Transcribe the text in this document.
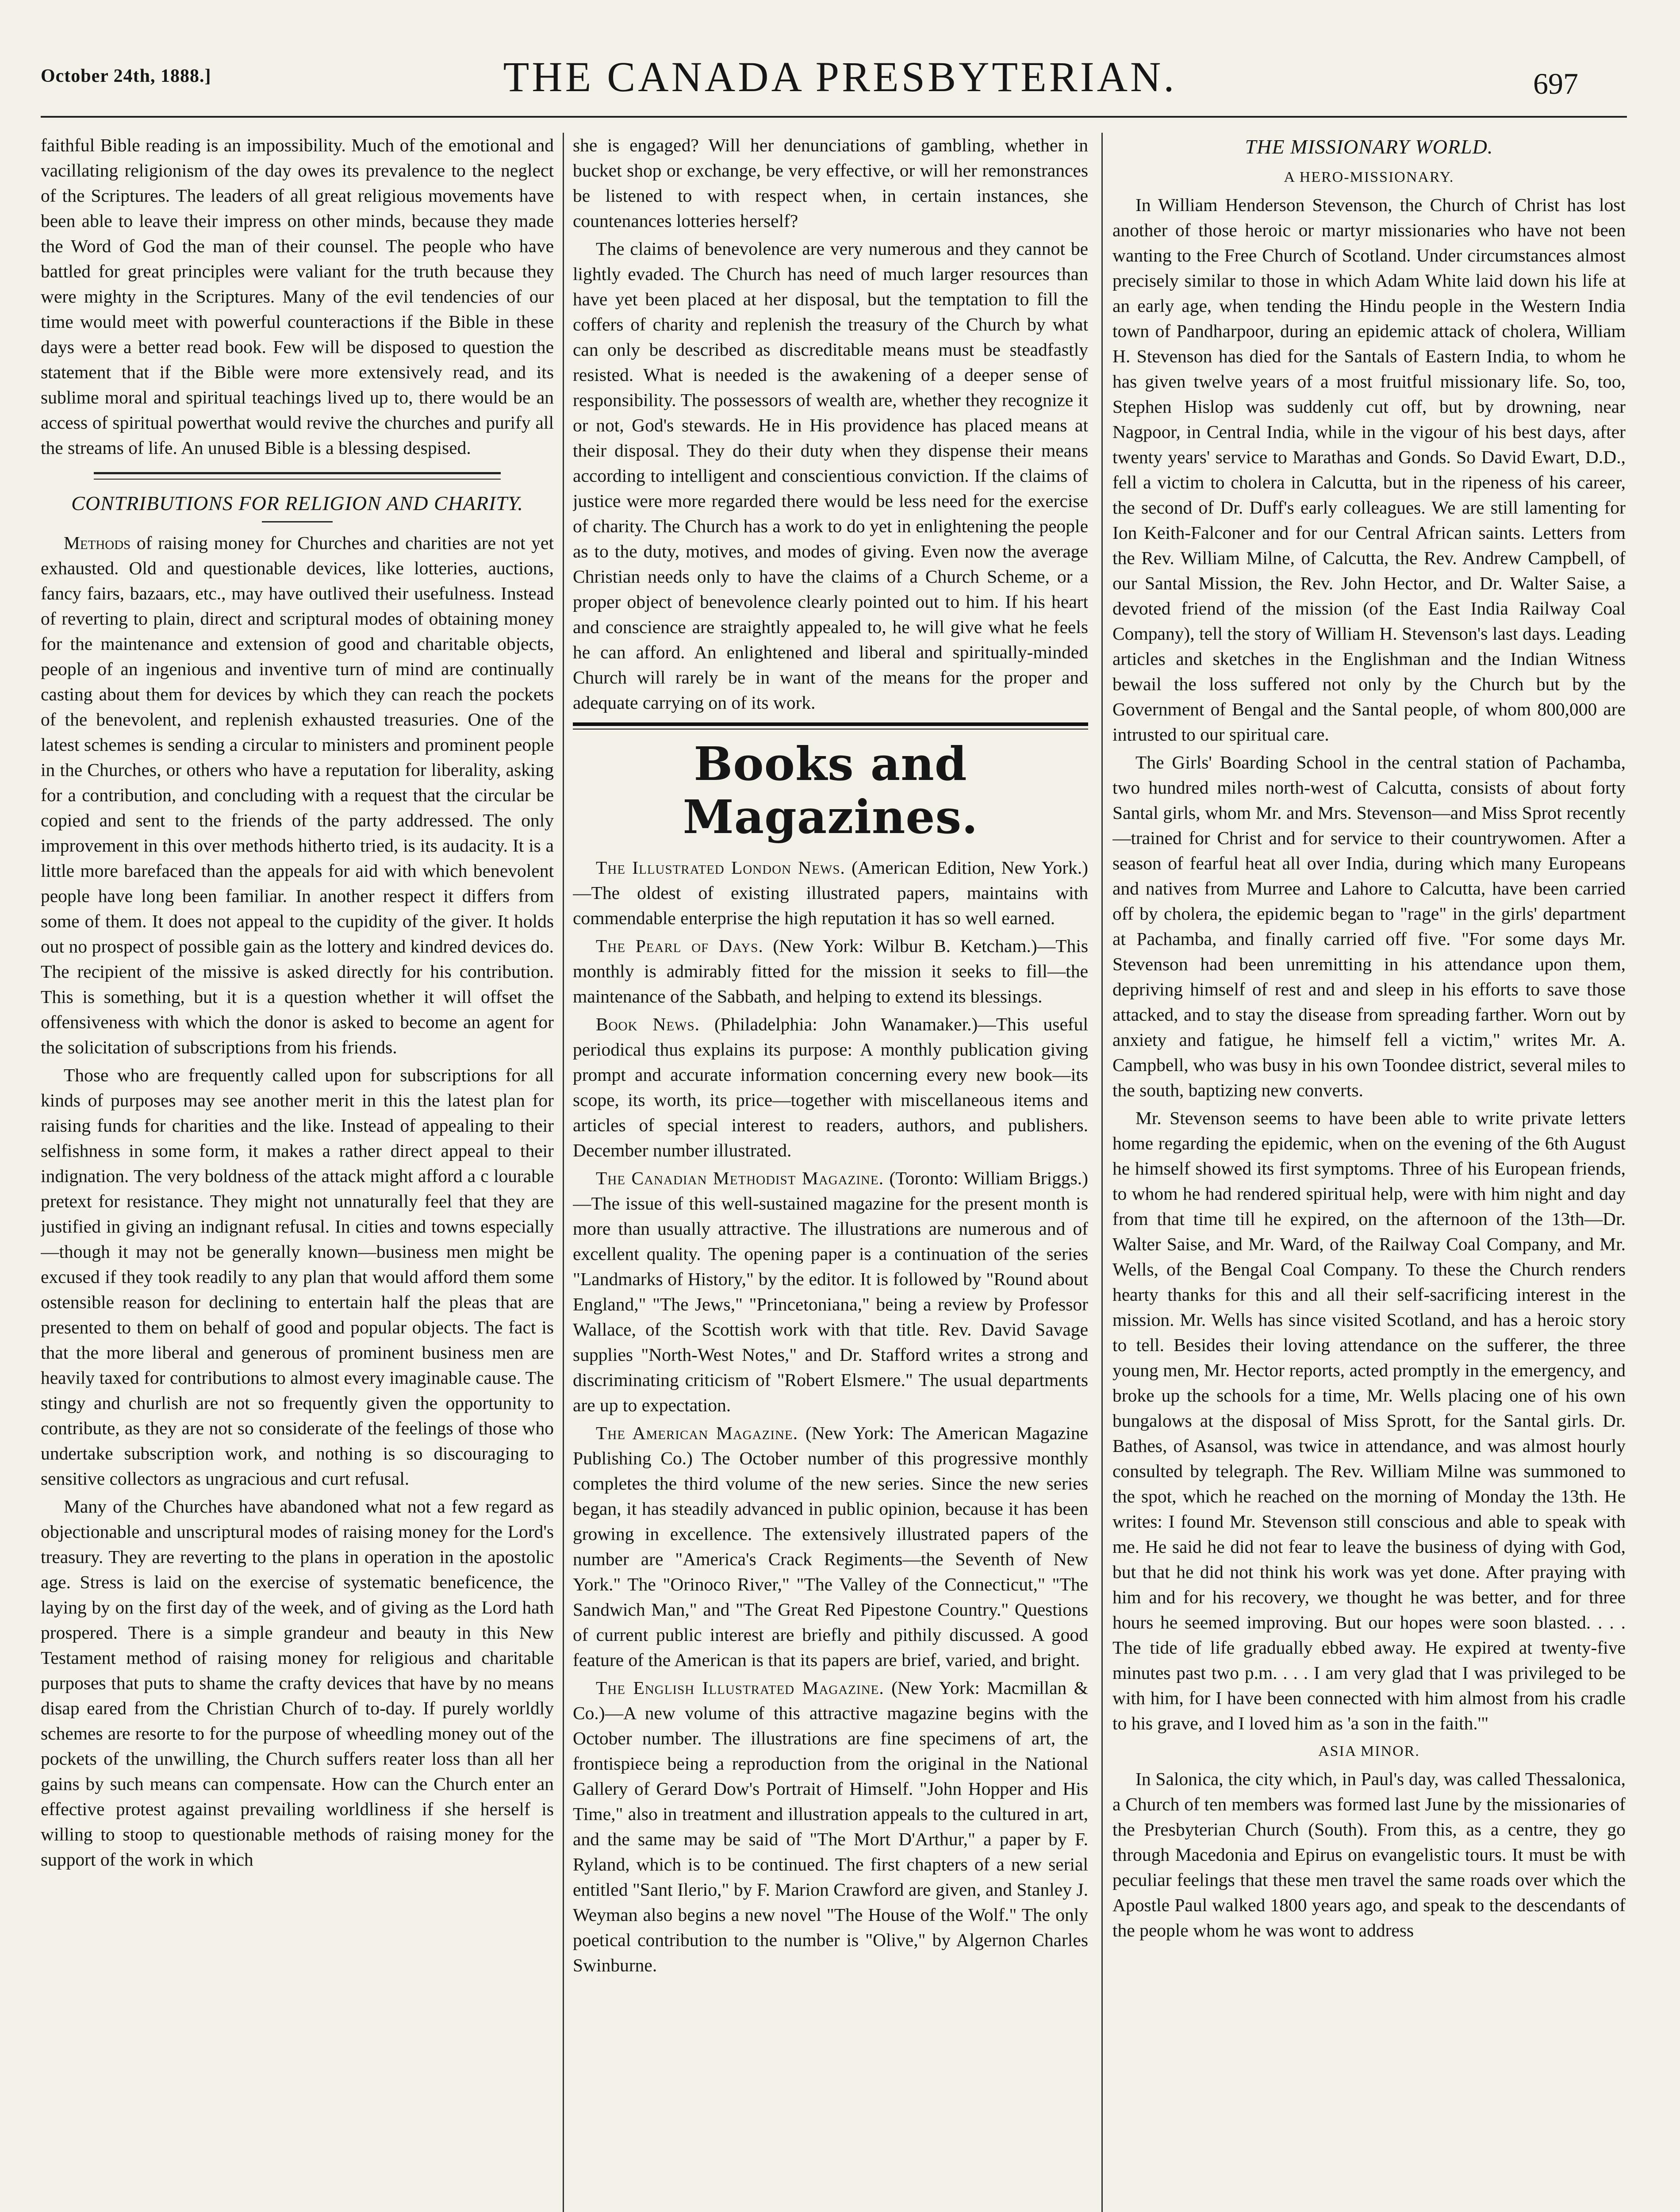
October 24th, 1888.]	THE CANADA PRESBYTERIAN.	697

faithful Bible reading is an impossibility. Much of the emotional and vacillating religionism of the day owes its prevalence to the neglect of the Scriptures. The leaders of all great religious movements have been able to leave their impress on other minds, because they made the Word of God the man of their counsel. The people who have battled for great principles were valiant for the truth because they were mighty in the Scriptures. Many of the evil tendencies of our time would meet with powerful counteractions if the Bible in these days were a better read book. Few will be disposed to question the statement that if the Bible were more extensively read, and its sublime moral and spiritual teachings lived up to, there would be an access of spiritual powerthat would revive the churches and purify all the streams of life. An unused Bible is a blessing despised.

CONTRIBUTIONS FOR RELIGION AND CHARITY.

Methods of raising money for Churches and charities are not yet exhausted. Old and questionable devices, like lotteries, auctions, fancy fairs, bazaars, etc., may have outlived their usefulness. Instead of reverting to plain, direct and scriptural modes of obtaining money for the maintenance and extension of good and charitable objects, people of an ingenious and inventive turn of mind are continually casting about them for devices by which they can reach the pockets of the benevolent, and replenish exhausted treasuries. One of the latest schemes is sending a circular to ministers and prominent people in the Churches, or others who have a reputation for liberality, asking for a contribution, and concluding with a request that the circular be copied and sent to the friends of the party addressed. The only improvement in this over methods hitherto tried, is its audacity. It is a little more barefaced than the appeals for aid with which benevolent people have long been familiar. In another respect it differs from some of them. It does not appeal to the cupidity of the giver. It holds out no prospect of possible gain as the lottery and kindred devices do. The recipient of the missive is asked directly for his contribution. This is something, but it is a question whether it will offset the offensiveness with which the donor is asked to become an agent for the solicitation of subscriptions from his friends.

Those who are frequently called upon for subscriptions for all kinds of purposes may see another merit in this the latest plan for raising funds for charities and the like. Instead of appealing to their selfishness in some form, it makes a rather direct appeal to their indignation. The very boldness of the attack might afford a c lourable pretext for resistance. They might not unnaturally feel that they are justified in giving an indignant refusal. In cities and towns especially—though it may not be generally known—business men might be excused if they took readily to any plan that would afford them some ostensible reason for declining to entertain half the pleas that are presented to them on behalf of good and popular objects. The fact is that the more liberal and generous of prominent business men are heavily taxed for contributions to almost every imaginable cause. The stingy and churlish are not so frequently given the opportunity to contribute, as they are not so considerate of the feelings of those who undertake subscription work, and nothing is so discouraging to sensitive collectors as ungracious and curt refusal.

Many of the Churches have abandoned what not a few regard as objectionable and unscriptural modes of raising money for the Lord's treasury. They are reverting to the plans in operation in the apostolic age. Stress is laid on the exercise of systematic beneficence, the laying by on the first day of the week, and of giving as the Lord hath prospered. There is a simple grandeur and beauty in this New Testament method of raising money for religious and charitable purposes that puts to shame the crafty devices that have by no means disap eared from the Christian Church of to-day. If purely worldly schemes are resorte to for the purpose of wheedling money out of the pockets of the unwilling, the Church suffers reater loss than all her gains by such means can compensate. How can the Church enter an effective protest against prevailing worldliness if she herself is willing to stoop to questionable methods of raising money for the support of the work in which

she is engaged? Will her denunciations of gambling, whether in bucket shop or exchange, be very effective, or will her remonstrances be listened to with respect when, in certain instances, she countenances lotteries herself?

The claims of benevolence are very numerous and they cannot be lightly evaded. The Church has need of much larger resources than have yet been placed at her disposal, but the temptation to fill the coffers of charity and replenish the treasury of the Church by what can only be described as discreditable means must be steadfastly resisted. What is needed is the awakening of a deeper sense of responsibility. The possessors of wealth are, whether they recognize it or not, God's stewards. He in His providence has placed means at their disposal. They do their duty when they dispense their means according to intelligent and conscientious conviction. If the claims of justice were more regarded there would be less need for the exercise of charity. The Church has a work to do yet in enlightening the people as to the duty, motives, and modes of giving. Even now the average Christian needs only to have the claims of a Church Scheme, or a proper object of benevolence clearly pointed out to him. If his heart and conscience are straightly appealed to, he will give what he feels he can afford. An enlightened and liberal and spiritually-minded Church will rarely be in want of the means for the proper and adequate carrying on of its work.

Books and Magazines.

The Illustrated London News. (American Edition, New York.)—The oldest of existing illustrated papers, maintains with commendable enterprise the high reputation it has so well earned.

The Pearl of Days. (New York: Wilbur B. Ketcham.)—This monthly is admirably fitted for the mission it seeks to fill—the maintenance of the Sabbath, and helping to extend its blessings.

Book News. (Philadelphia: John Wanamaker.)—This useful periodical thus explains its purpose: A monthly publication giving prompt and accurate information concerning every new book—its scope, its worth, its price—together with miscellaneous items and articles of special interest to readers, authors, and publishers. December number illustrated.

The Canadian Methodist Magazine. (Toronto: William Briggs.)—The issue of this well-sustained magazine for the present month is more than usually attractive. The illustrations are numerous and of excellent quality. The opening paper is a continuation of the series "Landmarks of History," by the editor. It is followed by "Round about England," "The Jews," "Princetoniana," being a review by Professor Wallace, of the Scottish work with that title. Rev. David Savage supplies "North-West Notes," and Dr. Stafford writes a strong and discriminating criticism of "Robert Elsmere." The usual departments are up to expectation.

The American Magazine. (New York: The American Magazine Publishing Co.) The October number of this progressive monthly completes the third volume of the new series. Since the new series began, it has steadily advanced in public opinion, because it has been growing in excellence. The extensively illustrated papers of the number are "America's Crack Regiments—the Seventh of New York." The "Orinoco River," "The Valley of the Connecticut," "The Sandwich Man," and "The Great Red Pipestone Country." Questions of current public interest are briefly and pithily discussed. A good feature of the American is that its papers are brief, varied, and bright.

The English Illustrated Magazine. (New York: Macmillan & Co.)—A new volume of this attractive magazine begins with the October number. The illustrations are fine specimens of art, the frontispiece being a reproduction from the original in the National Gallery of Gerard Dow's Portrait of Himself. "John Hopper and His Time," also in treatment and illustration appeals to the cultured in art, and the same may be said of "The Mort D'Arthur," a paper by F. Ryland, which is to be continued. The first chapters of a new serial entitled "Sant Ilerio," by F. Marion Crawford are given, and Stanley J. Weyman also begins a new novel "The House of the Wolf." The only poetical contribution to the number is "Olive," by Algernon Charles Swinburne.

THE MISSIONARY WORLD.
A HERO-MISSIONARY.

In William Henderson Stevenson, the Church of Christ has lost another of those heroic or martyr missionaries who have not been wanting to the Free Church of Scotland. Under circumstances almost precisely similar to those in which Adam White laid down his life at an early age, when tending the Hindu people in the Western India town of Pandharpoor, during an epidemic attack of cholera, William H. Stevenson has died for the Santals of Eastern India, to whom he has given twelve years of a most fruitful missionary life. So, too, Stephen Hislop was suddenly cut off, but by drowning, near Nagpoor, in Central India, while in the vigour of his best days, after twenty years' service to Marathas and Gonds. So David Ewart, D.D., fell a victim to cholera in Calcutta, but in the ripeness of his career, the second of Dr. Duff's early colleagues. We are still lamenting for Ion Keith-Falconer and for our Central African saints. Letters from the Rev. William Milne, of Calcutta, the Rev. Andrew Campbell, of our Santal Mission, the Rev. John Hector, and Dr. Walter Saise, a devoted friend of the mission (of the East India Railway Coal Company), tell the story of William H. Stevenson's last days. Leading articles and sketches in the Englishman and the Indian Witness bewail the loss suffered not only by the Church but by the Government of Bengal and the Santal people, of whom 800,000 are intrusted to our spiritual care.

The Girls' Boarding School in the central station of Pachamba, two hundred miles north-west of Calcutta, consists of about forty Santal girls, whom Mr. and Mrs. Stevenson—and Miss Sprot recently—trained for Christ and for service to their countrywomen. After a season of fearful heat all over India, during which many Europeans and natives from Murree and Lahore to Calcutta, have been carried off by cholera, the epidemic began to "rage" in the girls' department at Pachamba, and finally carried off five. "For some days Mr. Stevenson had been unremitting in his attendance upon them, depriving himself of rest and and sleep in his efforts to save those attacked, and to stay the disease from spreading farther. Worn out by anxiety and fatigue, he himself fell a victim," writes Mr. A. Campbell, who was busy in his own Toondee district, several miles to the south, baptizing new converts.

Mr. Stevenson seems to have been able to write private letters home regarding the epidemic, when on the evening of the 6th August he himself showed its first symptoms. Three of his European friends, to whom he had rendered spiritual help, were with him night and day from that time till he expired, on the afternoon of the 13th—Dr. Walter Saise, and Mr. Ward, of the Railway Coal Company, and Mr. Wells, of the Bengal Coal Company. To these the Church renders hearty thanks for this and all their self-sacrificing interest in the mission. Mr. Wells has since visited Scotland, and has a heroic story to tell. Besides their loving attendance on the sufferer, the three young men, Mr. Hector reports, acted promptly in the emergency, and broke up the schools for a time, Mr. Wells placing one of his own bungalows at the disposal of Miss Sprott, for the Santal girls. Dr. Bathes, of Asansol, was twice in attendance, and was almost hourly consulted by telegraph. The Rev. William Milne was summoned to the spot, which he reached on the morning of Monday the 13th. He writes: I found Mr. Stevenson still conscious and able to speak with me. He said he did not fear to leave the business of dying with God, but that he did not think his work was yet done. After praying with him and for his recovery, we thought he was better, and for three hours he seemed improving. But our hopes were soon blasted. . . . The tide of life gradually ebbed away. He expired at twenty-five minutes past two p.m. . . . I am very glad that I was privileged to be with him, for I have been connected with him almost from his cradle to his grave, and I loved him as 'a son in the faith.'"

ASIA MINOR.

In Salonica, the city which, in Paul's day, was called Thessalonica, a Church of ten members was formed last June by the missionaries of the Presbyterian Church (South). From this, as a centre, they go through Macedonia and Epirus on evangelistic tours. It must be with peculiar feelings that these men travel the same roads over which the Apostle Paul walked 1800 years ago, and speak to the descendants of the people whom he was wont to address
